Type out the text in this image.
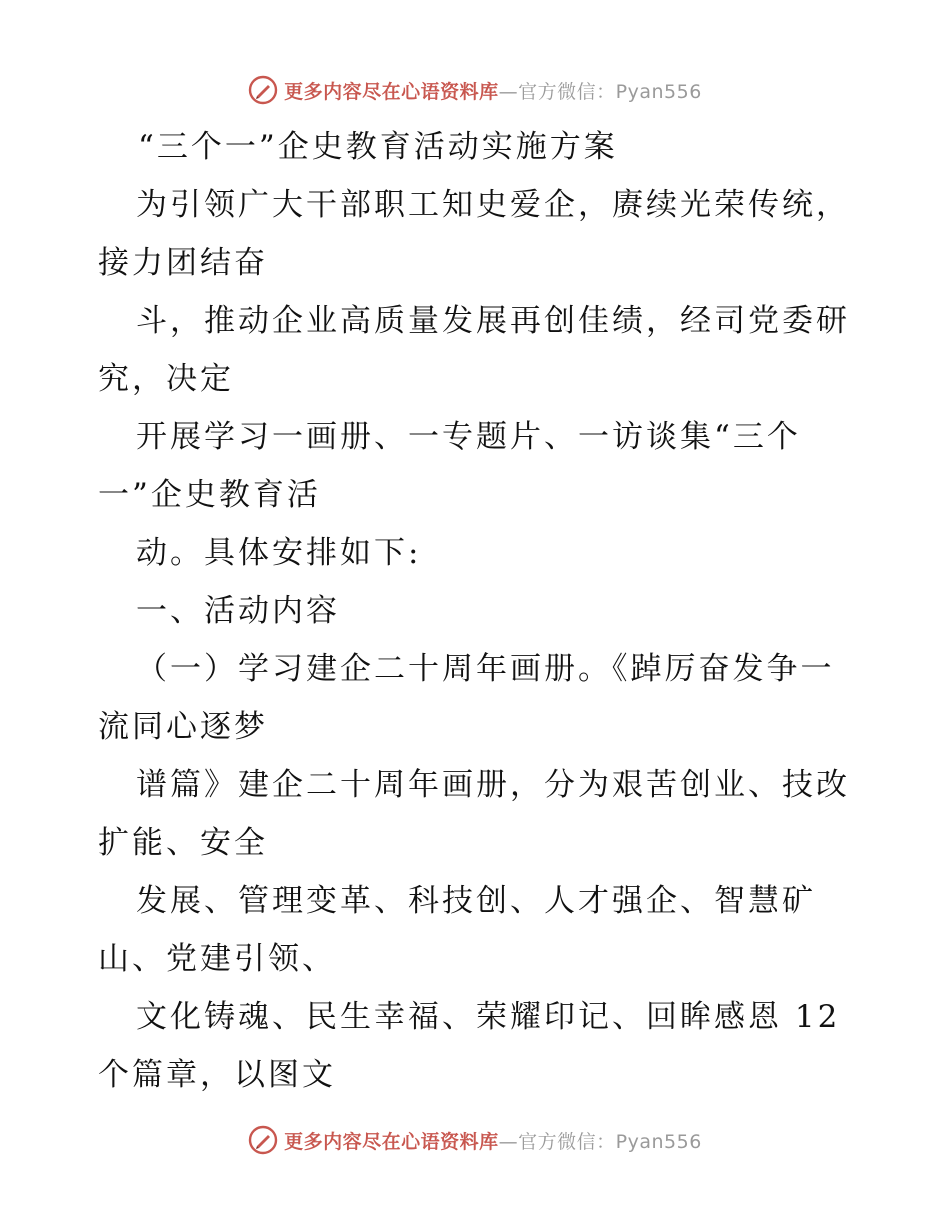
更多内容尽在心语资料库—官方微信：Pyan556
“三个一”企史教育活动实施方案
为引领广大干部职工知史爱企，赓续光荣传统，
接力团结奋
斗，推动企业高质量发展再创佳绩，经司党委研
究，决定
开展学习一画册、一专题片、一访谈集“三个
一”企史教育活
动。具体安排如下:
一、活动内容
（一）学习建企二十周年画册。《踔厉奋发争一
流同心逐梦
谱篇》建企二十周年画册，分为艰苦创业、技改
扩能、安全
发展、管理变革、科技创、人才强企、智慧矿
山、党建引领、
文化铸魂、民生幸福、荣耀印记、回眸感恩 12
个篇章，以图文
更多内容尽在心语资料库—官方微信：Pyan556
